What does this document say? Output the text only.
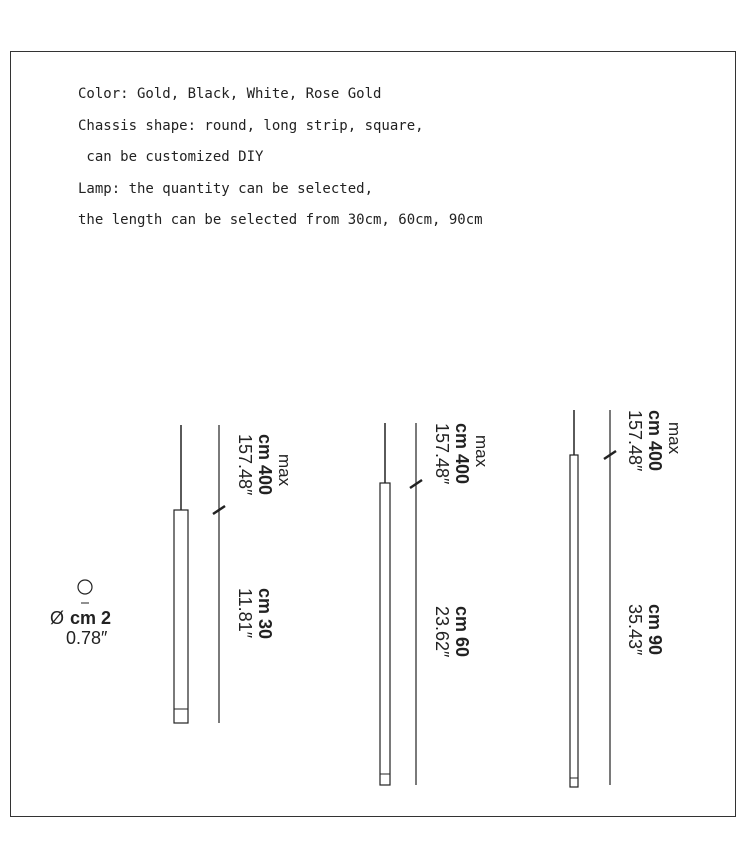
Color: Gold, Black, White, Rose Gold
Chassis shape: round, long strip, square,
can be customized DIY
Lamp: the quantity can be selected,
the length can be selected from 30cm, 60cm, 90cm
Ø cm 2
0.78″
max
cm 400
157.48″
cm 30
11.81″
max
cm 400
157.48″
cm 60
23.62″
max
cm 400
157.48″
cm 90
35.43″
